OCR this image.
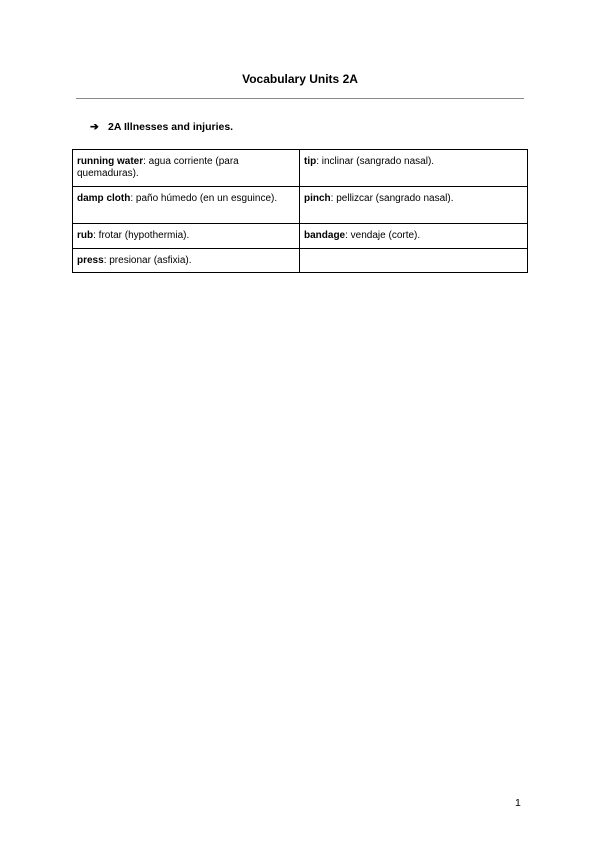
Vocabulary Units 2A
➔ 2A Illnesses and injuries.
running water: agua corriente (para quemaduras).	tip: inclinar (sangrado nasal).
damp cloth: paño húmedo (en un esguince).	pinch: pellizcar (sangrado nasal).
rub: frotar (hypothermia).	bandage: vendaje (corte).
press: presionar (asfixia).	
1
